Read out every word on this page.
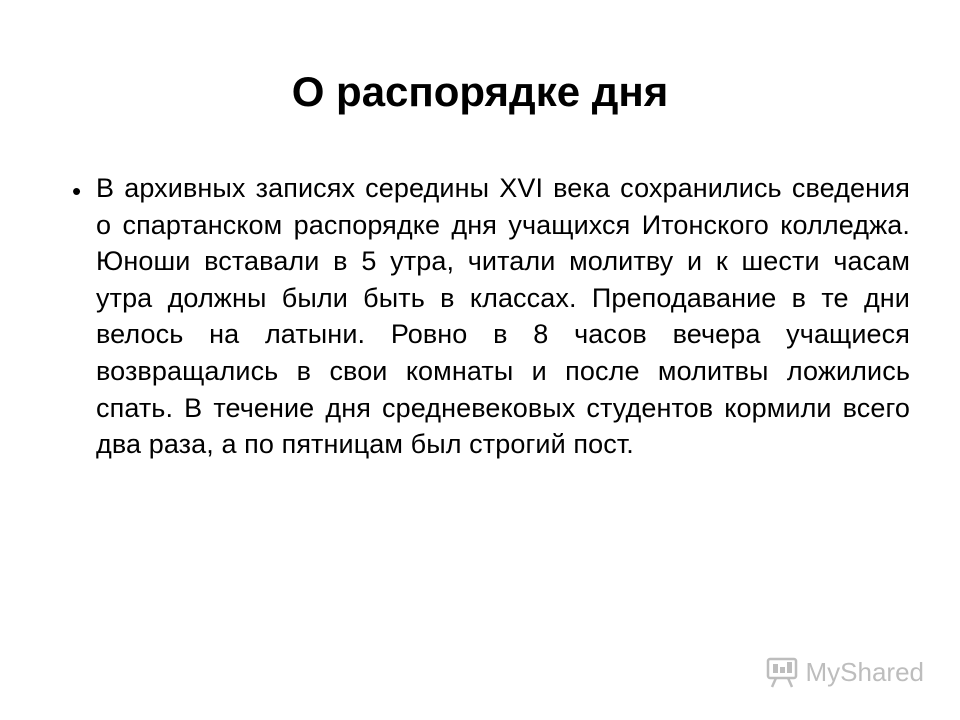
О распорядке дня
• В архивных записях середины XVI века сохранились сведения о спартанском распорядке дня учащихся Итонского колледжа. Юноши вставали в 5 утра, читали молитву и к шести часам утра должны были быть в классах. Преподавание в те дни велось на латыни. Ровно в 8 часов вечера учащиеся возвращались в свои комнаты и после молитвы ложились спать. В течение дня средневековых студентов кормили всего два раза, а по пятницам был строгий пост.
MyShared
